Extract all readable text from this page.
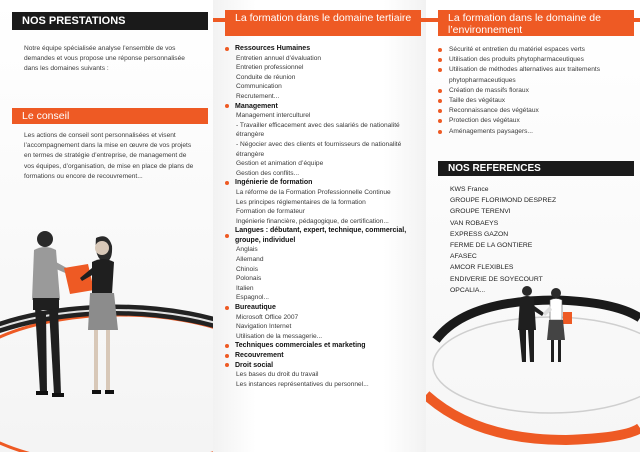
NOS PRESTATIONS
Notre équipe spécialisée analyse l’ensemble de vos demandes et vous propose une réponse personnalisée dans les domaines suivants :
Le conseil
Les actions de conseil sont personnalisées et visent l’accompagnement dans la mise en œuvre de vos projets en termes de stratégie d’entreprise, de management de vos équipes, d’organisation, de mise en place de plans de formations ou encore de recouvrement...
La formation dans le domaine tertiaire
Ressources Humaines
Entretien annuel d’évaluation
Entretien professionnel
Conduite de réunion
Communication
Recrutement...
Management
Management interculturel
- Travailler efficacement avec des salariés de nationalité étrangère
- Négocier avec des clients et fournisseurs de nationalité étrangère
Gestion et animation d’équipe
Gestion des conflits...
Ingénierie de formation
La réforme de la Formation Professionnelle Continue
Les principes réglementaires de la formation
Formation de formateur
Ingénierie financière, pédagogique, de certification...
Langues : débutant, expert, technique, commercial, groupe, individuel
Anglais
Allemand
Chinois
Polonais
Italien
Espagnol...
Bureautique
Microsoft Office 2007
Navigation Internet
Utilisation de la messagerie...
Techniques commerciales et marketing
Recouvrement
Droit social
Les bases du droit du travail
Les instances représentatives du personnel...
La formation dans le domaine de l’environnement
Sécurité et entretien du matériel espaces verts
Utilisation des produits phytopharmaceutiques
Utilisation de méthodes alternatives aux traitements phytopharmaceutiques
Création de massifs floraux
Taille des végétaux
Reconnaissance des végétaux
Protection des végétaux
Aménagements paysagers...
NOS REFERENCES
KWS France
GROUPE FLORIMOND DESPREZ
GROUPE TERENVI
VAN ROBAEYS
EXPRESS GAZON
FERME DE LA GONTIERE
AFASEC
AMCOR FLEXIBLES
ENDIVERIE DE SOYECOURT
OPCALIA...
